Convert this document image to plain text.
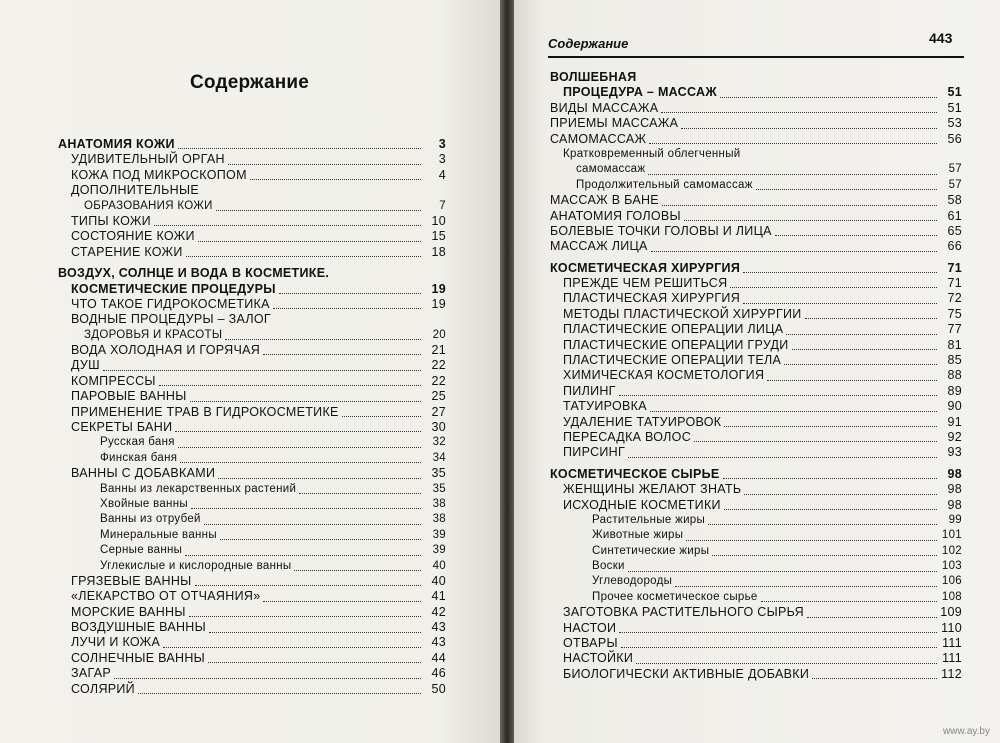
Содержание
АНАТОМИЯ КОЖИ	3
УДИВИТЕЛЬНЫЙ ОРГАН	3
КОЖА ПОД МИКРОСКОПОМ	4
ДОПОЛНИТЕЛЬНЫЕ
ОБРАЗОВАНИЯ КОЖИ	7
ТИПЫ КОЖИ	10
СОСТОЯНИЕ КОЖИ	15
СТАРЕНИЕ КОЖИ	18
ВОЗДУХ, СОЛНЦЕ И ВОДА В КОСМЕТИКЕ.
КОСМЕТИЧЕСКИЕ ПРОЦЕДУРЫ	19
ЧТО ТАКОЕ ГИДРОКОСМЕТИКА	19
ВОДНЫЕ ПРОЦЕДУРЫ – ЗАЛОГ
ЗДОРОВЬЯ И КРАСОТЫ	20
ВОДА ХОЛОДНАЯ И ГОРЯЧАЯ	21
ДУШ	22
КОМПРЕССЫ	22
ПАРОВЫЕ ВАННЫ	25
ПРИМЕНЕНИЕ ТРАВ В ГИДРОКОСМЕТИКЕ	27
СЕКРЕТЫ БАНИ	30
Русская баня	32
Финская баня	34
ВАННЫ С ДОБАВКАМИ	35
Ванны из лекарственных растений	35
Хвойные ванны	38
Ванны из отрубей	38
Минеральные ванны	39
Серные ванны	39
Углекислые и кислородные ванны	40
ГРЯЗЕВЫЕ ВАННЫ	40
«ЛЕКАРСТВО ОТ ОТЧАЯНИЯ»	41
МОРСКИЕ ВАННЫ	42
ВОЗДУШНЫЕ ВАННЫ	43
ЛУЧИ И КОЖА	43
СОЛНЕЧНЫЕ ВАННЫ	44
ЗАГАР	46
СОЛЯРИЙ	50
Содержание	443
ВОЛШЕБНАЯ
ПРОЦЕДУРА – МАССАЖ	51
ВИДЫ МАССАЖА	51
ПРИЕМЫ МАССАЖА	53
САМОМАССАЖ	56
Кратковременный облегченный
самомассаж	57
Продолжительный самомассаж	57
МАССАЖ В БАНЕ	58
АНАТОМИЯ ГОЛОВЫ	61
БОЛЕВЫЕ ТОЧКИ ГОЛОВЫ И ЛИЦА	65
МАССАЖ ЛИЦА	66
КОСМЕТИЧЕСКАЯ ХИРУРГИЯ	71
ПРЕЖДЕ ЧЕМ РЕШИТЬСЯ	71
ПЛАСТИЧЕСКАЯ ХИРУРГИЯ	72
МЕТОДЫ ПЛАСТИЧЕСКОЙ ХИРУРГИИ	75
ПЛАСТИЧЕСКИЕ ОПЕРАЦИИ ЛИЦА	77
ПЛАСТИЧЕСКИЕ ОПЕРАЦИИ ГРУДИ	81
ПЛАСТИЧЕСКИЕ ОПЕРАЦИИ ТЕЛА	85
ХИМИЧЕСКАЯ КОСМЕТОЛОГИЯ	88
ПИЛИНГ	89
ТАТУИРОВКА	90
УДАЛЕНИЕ ТАТУИРОВОК	91
ПЕРЕСАДКА ВОЛОС	92
ПИРСИНГ	93
КОСМЕТИЧЕСКОЕ СЫРЬЕ	98
ЖЕНЩИНЫ ЖЕЛАЮТ ЗНАТЬ	98
ИСХОДНЫЕ КОСМЕТИКИ	98
Растительные жиры	99
Животные жиры	101
Синтетические жиры	102
Воски	103
Углеводороды	106
Прочее косметическое сырье	108
ЗАГОТОВКА РАСТИТЕЛЬНОГО СЫРЬЯ	109
НАСТОИ	110
ОТВАРЫ	111
НАСТОЙКИ	111
БИОЛОГИЧЕСКИ АКТИВНЫЕ ДОБАВКИ	112
www.ay.by
